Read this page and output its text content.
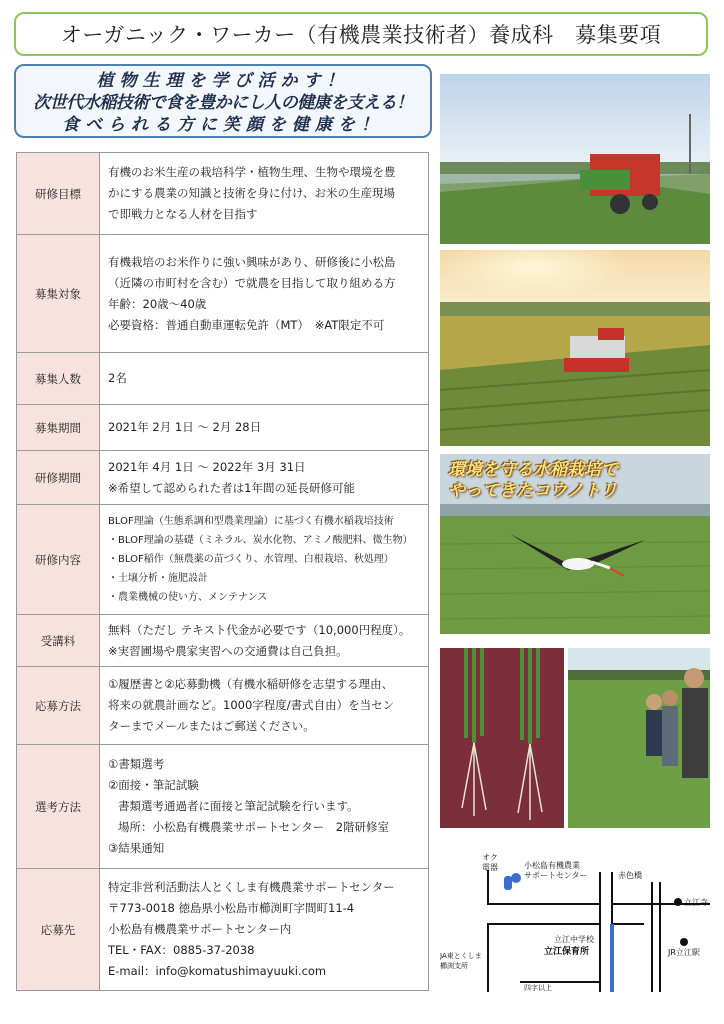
オーガニック・ワーカー（有機農業技術者）養成科　募集要項
植物生理を学び活かす！
次世代水稲技術で食を豊かにし人の健康を支える！
食べられる方に笑顔を健康を！
研修目標	有機のお米生産の栽培科学・植物生理、生物や環境を豊
かにする農業の知識と技術を身に付け、お米の生産現場
で即戦力となる人材を目指す

募集対象	有機栽培のお米作りに強い興味があり、研修後に小松島
（近隣の市町村を含む）で就農を目指して取り組める方
年齢：20歳～40歳
必要資格：普通自動車運転免許（MT）　※AT限定不可

募集人数	2名

募集期間	2021年 2月 1日 ～ 2月 28日

研修期間	2021年 4月 1日 ～ 2022年 3月 31日
※希望して認められた者は1年間の延長研修可能

研修内容	BLOF理論（生態系調和型農業理論）に基づく有機水稲栽培技術
・BLOF理論の基礎（ミネラル、炭水化物、アミノ酸肥料、微生物）
・BLOF稲作（無農薬の苗づくり、水管理、白根栽培、秋処理）
・土壌分析・施肥設計
・農業機械の使い方、メンテナンス

受講料	無料（ただし テキスト代金が必要です（10,000円程度）。
※実習圃場や農家実習への交通費は自己負担。

応募方法	①履歴書と②応募動機（有機水稲研修を志望する理由、
将来の就農計画など。1000字程度/書式自由）を当セン
ターまでメールまたはご郵送ください。

選考方法	①書類選考
②面接・筆記試験
書類選考通過者に面接と筆記試験を行います。
場所：小松島有機農業サポートセンター　2階研修室
③結果通知

応募先	特定非営利活動法人とくしま有機農業サポートセンター
〒773-0018 徳島県小松島市櫛渕町字間町11-4
小松島有機農業サポートセンター内
TEL・FAX：0885-37-2038
E-mail：info@komatushimayuuki.com
環境を守る水稲栽培で
やってきたコウノトリ
オク
電器	小松島有機農業
サポートセンター	赤色橋
立江寺
立江中学校
立江保育所
JA東とくしま
櫛渕支所
JR立江駅
四字以上
